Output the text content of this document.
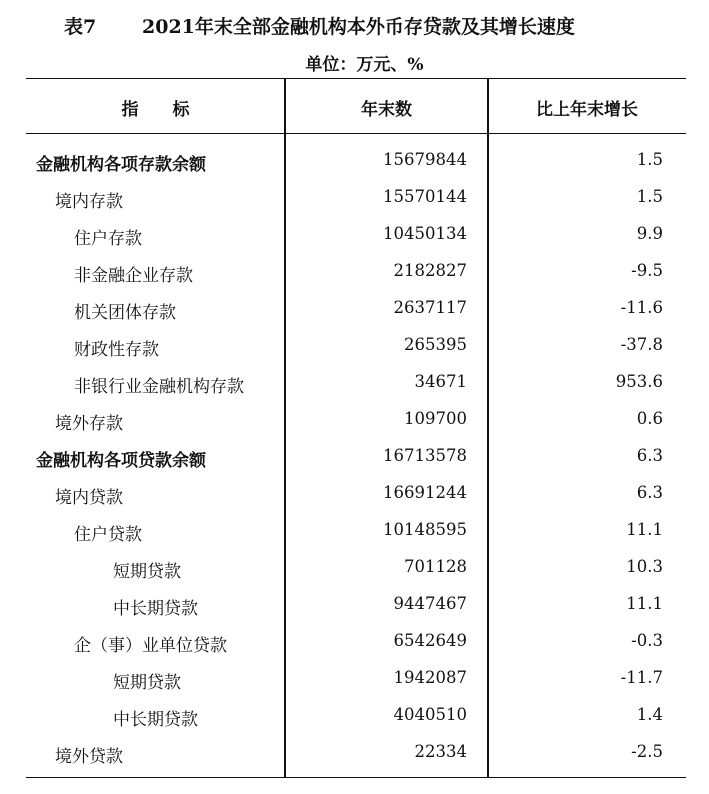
表7 2021年末全部金融机构本外币存贷款及其增长速度
单位：万元、%
指　　标	年末数	比上年末增长
金融机构各项存款余额	15679844	1.5
境内存款	15570144	1.5
住户存款	10450134	9.9
非金融企业存款	2182827	-9.5
机关团体存款	2637117	-11.6
财政性存款	265395	-37.8
非银行业金融机构存款	34671	953.6
境外存款	109700	0.6
金融机构各项贷款余额	16713578	6.3
境内贷款	16691244	6.3
住户贷款	10148595	11.1
短期贷款	701128	10.3
中长期贷款	9447467	11.1
企（事）业单位贷款	6542649	-0.3
短期贷款	1942087	-11.7
中长期贷款	4040510	1.4
境外贷款	22334	-2.5
